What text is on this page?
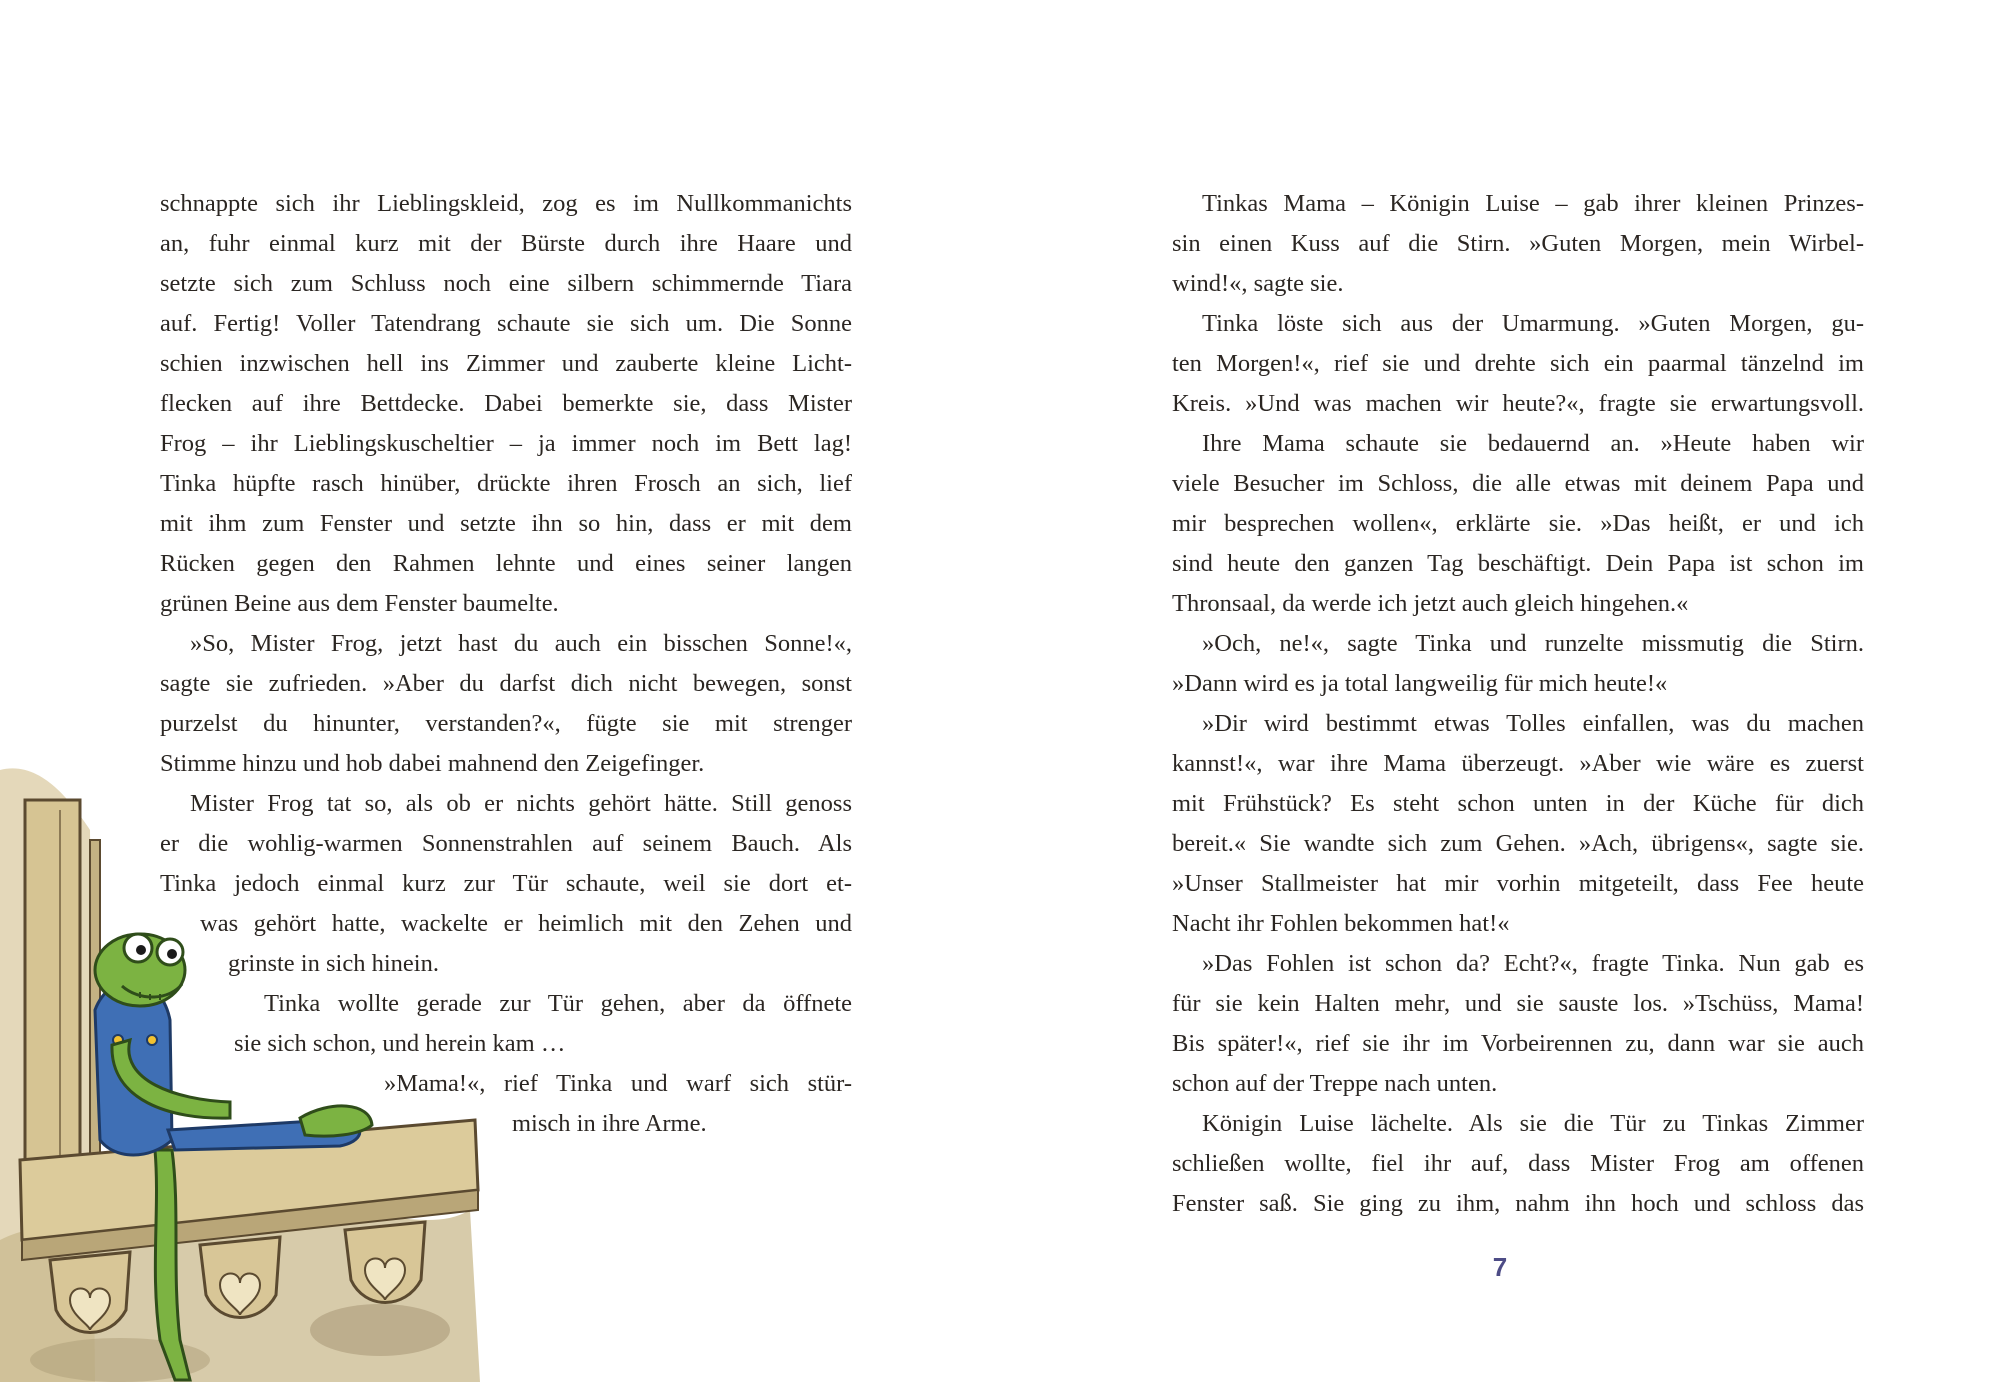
schnappte sich ihr Lieblingskleid, zog es im Nullkommanichts
an, fuhr einmal kurz mit der Bürste durch ihre Haare und
setzte sich zum Schluss noch eine silbern schimmernde Tiara
auf. Fertig! Voller Tatendrang schaute sie sich um. Die Sonne
schien inzwischen hell ins Zimmer und zauberte kleine Licht-
flecken auf ihre Bettdecke. Dabei bemerkte sie, dass Mister
Frog – ihr Lieblingskuscheltier – ja immer noch im Bett lag!
Tinka hüpfte rasch hinüber, drückte ihren Frosch an sich, lief
mit ihm zum Fenster und setzte ihn so hin, dass er mit dem
Rücken gegen den Rahmen lehnte und eines seiner langen
grünen Beine aus dem Fenster baumelte.
»So, Mister Frog, jetzt hast du auch ein bisschen Sonne!«,
sagte sie zufrieden. »Aber du darfst dich nicht bewegen, sonst
purzelst du hinunter, verstanden?«, fügte sie mit strenger
Stimme hinzu und hob dabei mahnend den Zeigefinger.
Mister Frog tat so, als ob er nichts gehört hätte. Still genoss
er die wohlig-warmen Sonnenstrahlen auf seinem Bauch. Als
Tinka jedoch einmal kurz zur Tür schaute, weil sie dort et-
was gehört hatte, wackelte er heimlich mit den Zehen und
grinste in sich hinein.
Tinka wollte gerade zur Tür gehen, aber da öffnete
sie sich schon, und herein kam …
»Mama!«, rief Tinka und warf sich stür-
misch in ihre Arme.
Tinkas Mama – Königin Luise – gab ihrer kleinen Prinzes-
sin einen Kuss auf die Stirn. »Guten Morgen, mein Wirbel-
wind!«, sagte sie.
Tinka löste sich aus der Umarmung. »Guten Morgen, gu-
ten Morgen!«, rief sie und drehte sich ein paarmal tänzelnd im
Kreis. »Und was machen wir heute?«, fragte sie erwartungsvoll.
Ihre Mama schaute sie bedauernd an. »Heute haben wir
viele Besucher im Schloss, die alle etwas mit deinem Papa und
mir besprechen wollen«, erklärte sie. »Das heißt, er und ich
sind heute den ganzen Tag beschäftigt. Dein Papa ist schon im
Thronsaal, da werde ich jetzt auch gleich hingehen.«
»Och, ne!«, sagte Tinka und runzelte missmutig die Stirn.
»Dann wird es ja total langweilig für mich heute!«
»Dir wird bestimmt etwas Tolles einfallen, was du machen
kannst!«, war ihre Mama überzeugt. »Aber wie wäre es zuerst
mit Frühstück? Es steht schon unten in der Küche für dich
bereit.« Sie wandte sich zum Gehen. »Ach, übrigens«, sagte sie.
»Unser Stallmeister hat mir vorhin mitgeteilt, dass Fee heute
Nacht ihr Fohlen bekommen hat!«
»Das Fohlen ist schon da? Echt?«, fragte Tinka. Nun gab es
für sie kein Halten mehr, und sie sauste los. »Tschüss, Mama!
Bis später!«, rief sie ihr im Vorbeirennen zu, dann war sie auch
schon auf der Treppe nach unten.
Königin Luise lächelte. Als sie die Tür zu Tinkas Zimmer
schließen wollte, fiel ihr auf, dass Mister Frog am offenen
Fenster saß. Sie ging zu ihm, nahm ihn hoch und schloss das
7
